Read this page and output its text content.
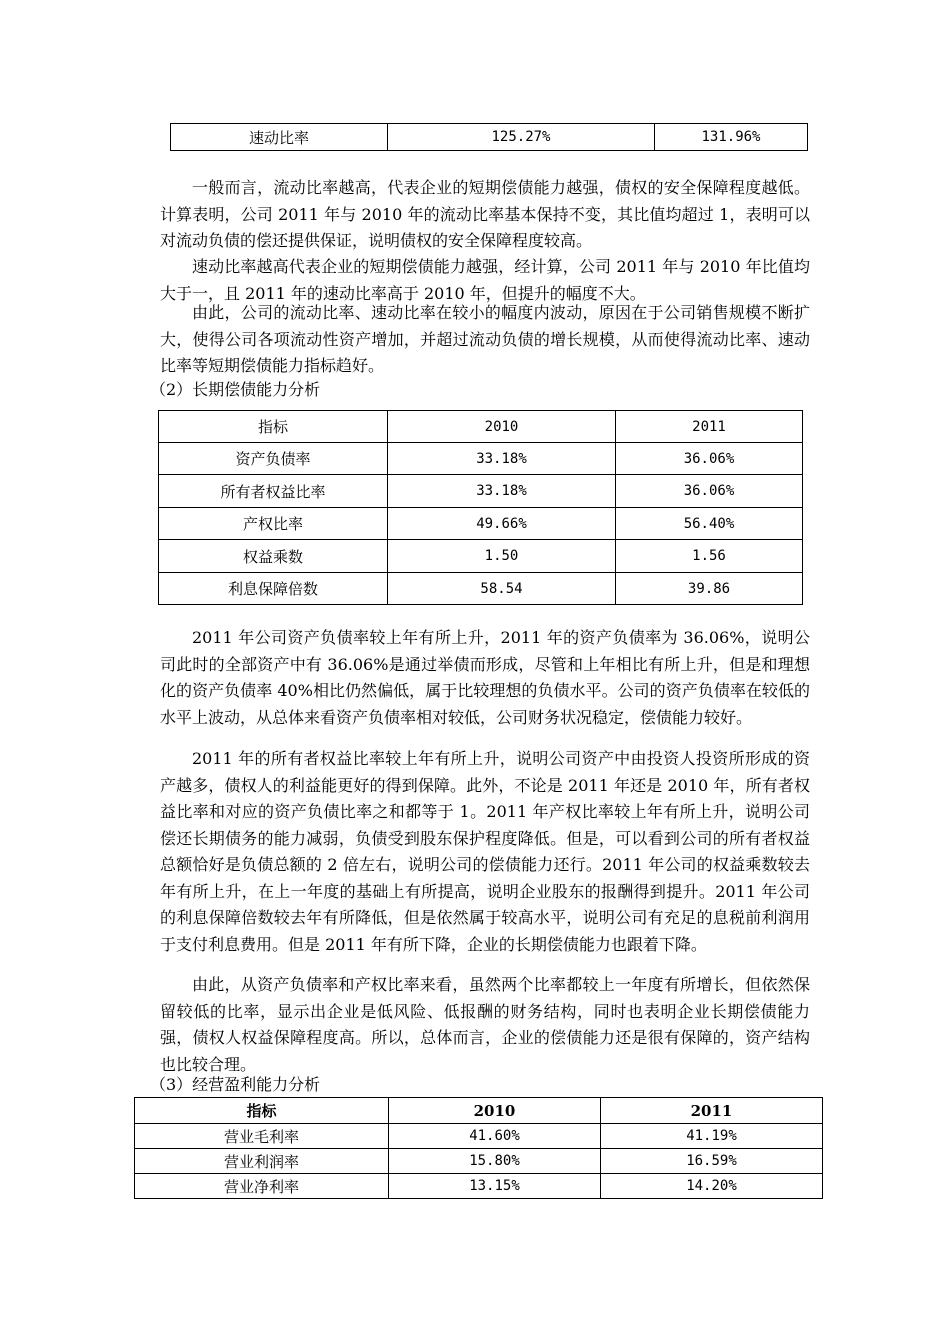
速动比率	125.27%	131.96%

一般而言，流动比率越高，代表企业的短期偿债能力越强，债权的安全保障程度越低。计算表明，公司 2011 年与 2010 年的流动比率基本保持不变，其比值均超过 1，表明可以对流动负债的偿还提供保证，说明债权的安全保障程度较高。

速动比率越高代表企业的短期偿债能力越强，经计算，公司 2011 年与 2010 年比值均大于一，且 2011 年的速动比率高于 2010 年，但提升的幅度不大。

由此，公司的流动比率、速动比率在较小的幅度内波动，原因在于公司销售规模不断扩大，使得公司各项流动性资产增加，并超过流动负债的增长规模，从而使得流动比率、速动比率等短期偿债能力指标趋好。

（2）长期偿债能力分析

指标	2010	2011
资产负债率	33.18%	36.06%
所有者权益比率	33.18%	36.06%
产权比率	49.66%	56.40%
权益乘数	1.50	1.56
利息保障倍数	58.54	39.86

2011 年公司资产负债率较上年有所上升，2011 年的资产负债率为 36.06%，说明公司此时的全部资产中有 36.06%是通过举债而形成，尽管和上年相比有所上升，但是和理想化的资产负债率 40%相比仍然偏低，属于比较理想的负债水平。公司的资产负债率在较低的水平上波动，从总体来看资产负债率相对较低，公司财务状况稳定，偿债能力较好。

2011 年的所有者权益比率较上年有所上升，说明公司资产中由投资人投资所形成的资产越多，债权人的利益能更好的得到保障。此外，不论是 2011 年还是 2010 年，所有者权益比率和对应的资产负债比率之和都等于 1。2011 年产权比率较上年有所上升，说明公司偿还长期债务的能力减弱，负债受到股东保护程度降低。但是，可以看到公司的所有者权益总额恰好是负债总额的 2 倍左右，说明公司的偿债能力还行。2011 年公司的权益乘数较去年有所上升，在上一年度的基础上有所提高，说明企业股东的报酬得到提升。2011 年公司的利息保障倍数较去年有所降低，但是依然属于较高水平，说明公司有充足的息税前利润用于支付利息费用。但是 2011 年有所下降，企业的长期偿债能力也跟着下降。

由此，从资产负债率和产权比率来看，虽然两个比率都较上一年度有所增长，但依然保留较低的比率，显示出企业是低风险、低报酬的财务结构，同时也表明企业长期偿债能力强，债权人权益保障程度高。所以，总体而言，企业的偿债能力还是很有保障的，资产结构也比较合理。

（3）经营盈利能力分析

指标	2010	2011
营业毛利率	41.60%	41.19%
营业利润率	15.80%	16.59%
营业净利率	13.15%	14.20%
